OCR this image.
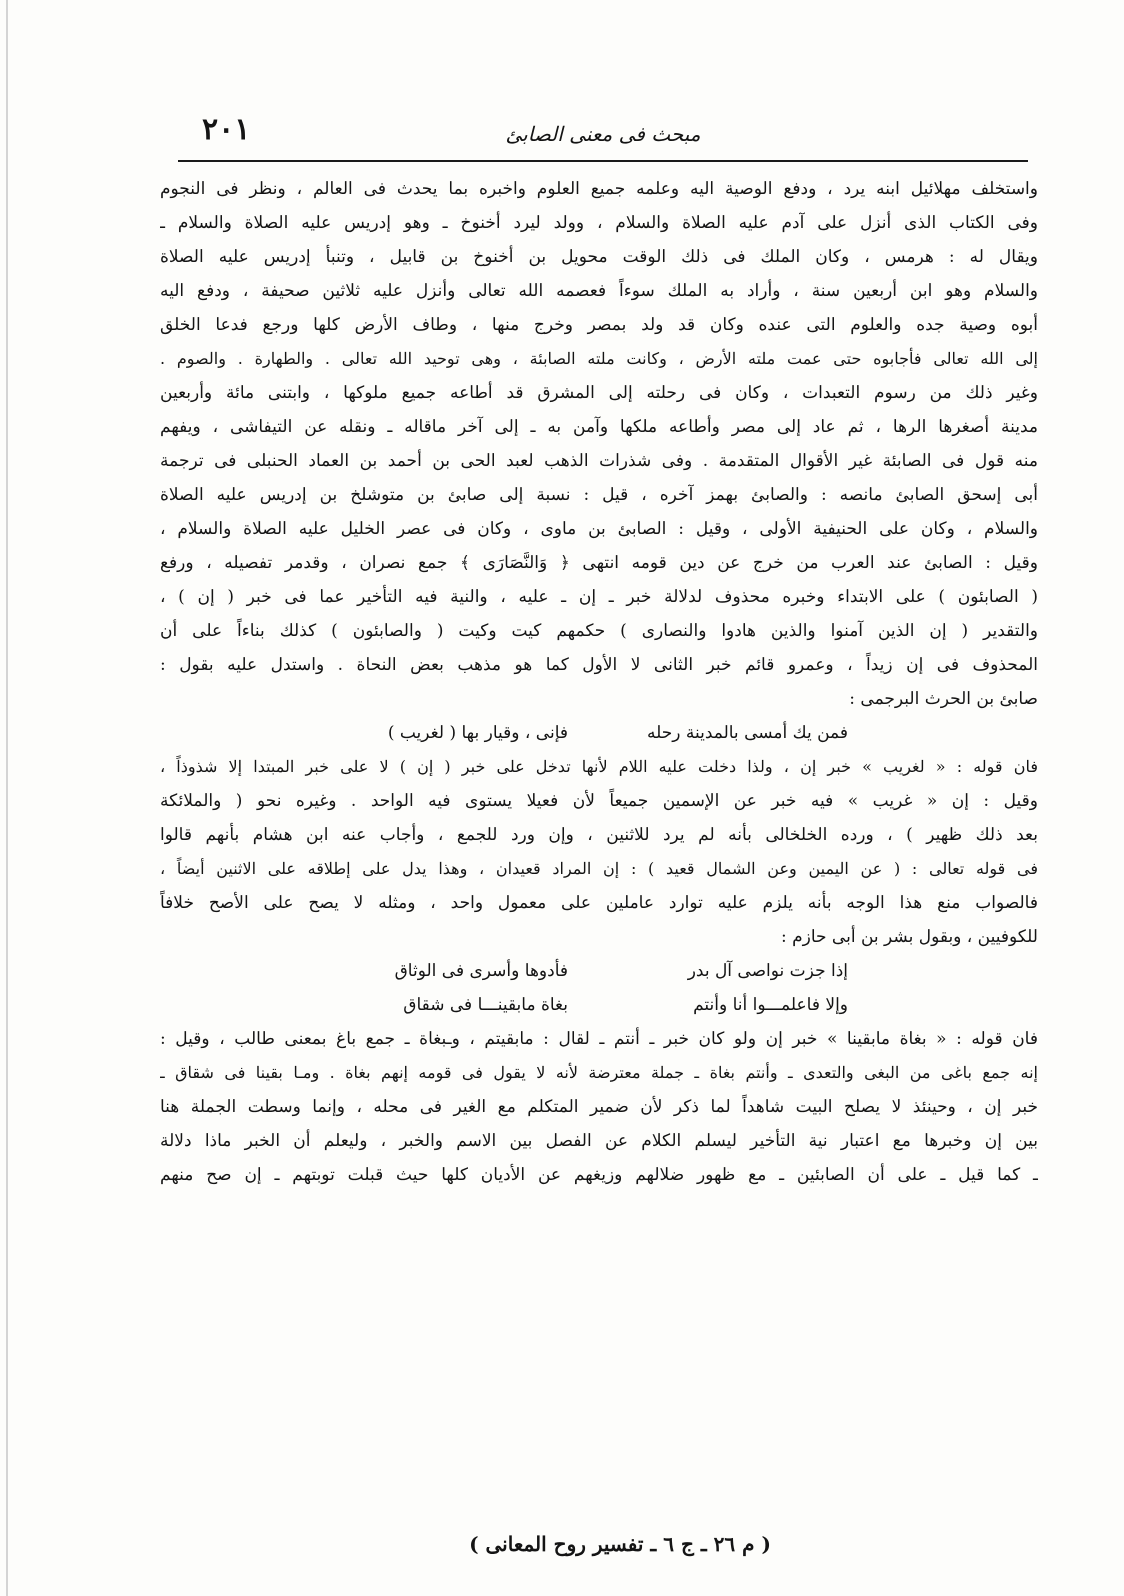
٢٠١	مبحث فى معنى الصابئ
واستخلف مهلائيل ابنه يرد ، ودفع الوصية اليه وعلمه جميع العلوم واخبره بما يحدث فى العالم ، ونظر فى النجوم
وفى الكتاب الذى أنزل على آدم عليه الصلاة والسلام ، وولد ليرد أخنوخ ـ وهو إدريس عليه الصلاة والسلام ـ
ويقال له : هرمس ، وكان الملك فى ذلك الوقت محويل بن أخنوخ بن قابيل ، وتنبأ إدريس عليه الصلاة
والسلام وهو ابن أربعين سنة ، وأراد به الملك سوءاً فعصمه الله تعالى وأنزل عليه ثلاثين صحيفة ، ودفع اليه
أبوه وصية جده والعلوم التى عنده وكان قد ولد بمصر وخرج منها ، وطاف الأرض كلها ورجع فدعا الخلق
إلى الله تعالى فأجابوه حتى عمت ملته الأرض ، وكانت ملته الصابئة ، وهى توحيد الله تعالى . والطهارة . والصوم .
وغير ذلك من رسوم التعبدات ، وكان فى رحلته إلى المشرق قد أطاعه جميع ملوكها ، وابتنى مائة وأربعين
مدينة أصغرها الرها ، ثم عاد إلى مصر وأطاعه ملكها وآمن به ـ إلى آخر ماقاله ـ ونقله عن التيفاشى ، ويفهم
منه قول فى الصابئة غير الأقوال المتقدمة . وفى شذرات الذهب لعبد الحى بن أحمد بن العماد الحنبلى فى ترجمة
أبى إسحق الصابئ مانصه : والصابئ بهمز آخره ، قيل : نسبة إلى صابئ بن متوشلخ بن إدريس عليه الصلاة
والسلام ، وكان على الحنيفية الأولى ، وقيل : الصابئ بن ماوى ، وكان فى عصر الخليل عليه الصلاة والسلام ،
وقيل : الصابئ عند العرب من خرج عن دين قومه انتهى ﴿ وَالنَّصَارَى ﴾ جمع نصران ، وقدمر تفصيله ، ورفع
( الصابئون ) على الابتداء وخبره محذوف لدلالة خبر ـ إن ـ عليه ، والنية فيه التأخير عما فى خبر ( إن ) ،
والتقدير ( إن الذين آمنوا والذين هادوا والنصارى ) حكمهم كيت وكيت ( والصابئون ) كذلك بناءاً على أن
المحذوف فى إن زيداً ، وعمرو قائم خبر الثانى لا الأول كما هو مذهب بعض النحاة . واستدل عليه بقول :
صابئ بن الحرث البرجمى :
فمن يك أمسى بالمدينة رحله
فإنى ، وقيار بها ( لغريب )
فان قوله : « لغريب » خبر إن ، ولذا دخلت عليه اللام لأنها تدخل على خبر ( إن ) لا على خبر المبتدا إلا شذوذاً ،
وقيل : إن « غريب » فيه خبر عن الإسمين جميعاً لأن فعيلا يستوى فيه الواحد . وغيره نحو ( والملائكة
بعد ذلك ظهير ) ، ورده الخلخالى بأنه لم يرد للاثنين ، وإن ورد للجمع ، وأجاب عنه ابن هشام بأنهم قالوا
فى قوله تعالى : ( عن اليمين وعن الشمال قعيد ) : إن المراد قعيدان ، وهذا يدل على إطلاقه على الاثنين أيضاً ،
فالصواب منع هذا الوجه بأنه يلزم عليه توارد عاملين على معمول واحد ، ومثله لا يصح على الأصح خلافاً
للكوفيين ، وبقول بشر بن أبى حازم :
إذا جزت نواصى آل بدر
فأدوها وأسرى فى الوثاق
وإلا فاعلمـــوا أنا وأنتم
بغاة مابقينـــا فى شقاق
فان قوله : « بغاة مابقينا » خبر إن ولو كان خبر ـ أنتم ـ لقال : مابقيتم ، وـبغاة ـ جمع باغ بمعنى طالب ، وقيل :
إنه جمع باغى من البغى والتعدى ـ وأنتم بغاة ـ جملة معترضة لأنه لا يقول فى قومه إنهم بغاة . ومـا بقينا فى شقاق ـ
خبر إن ، وحينئذ لا يصلح البيت شاهداً لما ذكر لأن ضمير المتكلم مع الغير فى محله ، وإنما وسطت الجملة هنا
بين إن وخبرها مع اعتبار نية التأخير ليسلم الكلام عن الفصل بين الاسم والخبر ، وليعلم أن الخبر ماذا دلالة
ـ كما قيل ـ على أن الصابئين ـ مع ظهور ضلالهم وزيغهم عن الأديان كلها حيث قبلت توبتهم ـ إن صح منهم
( م ٢٦ ـ ج ٦ ـ تفسير روح المعانى )
